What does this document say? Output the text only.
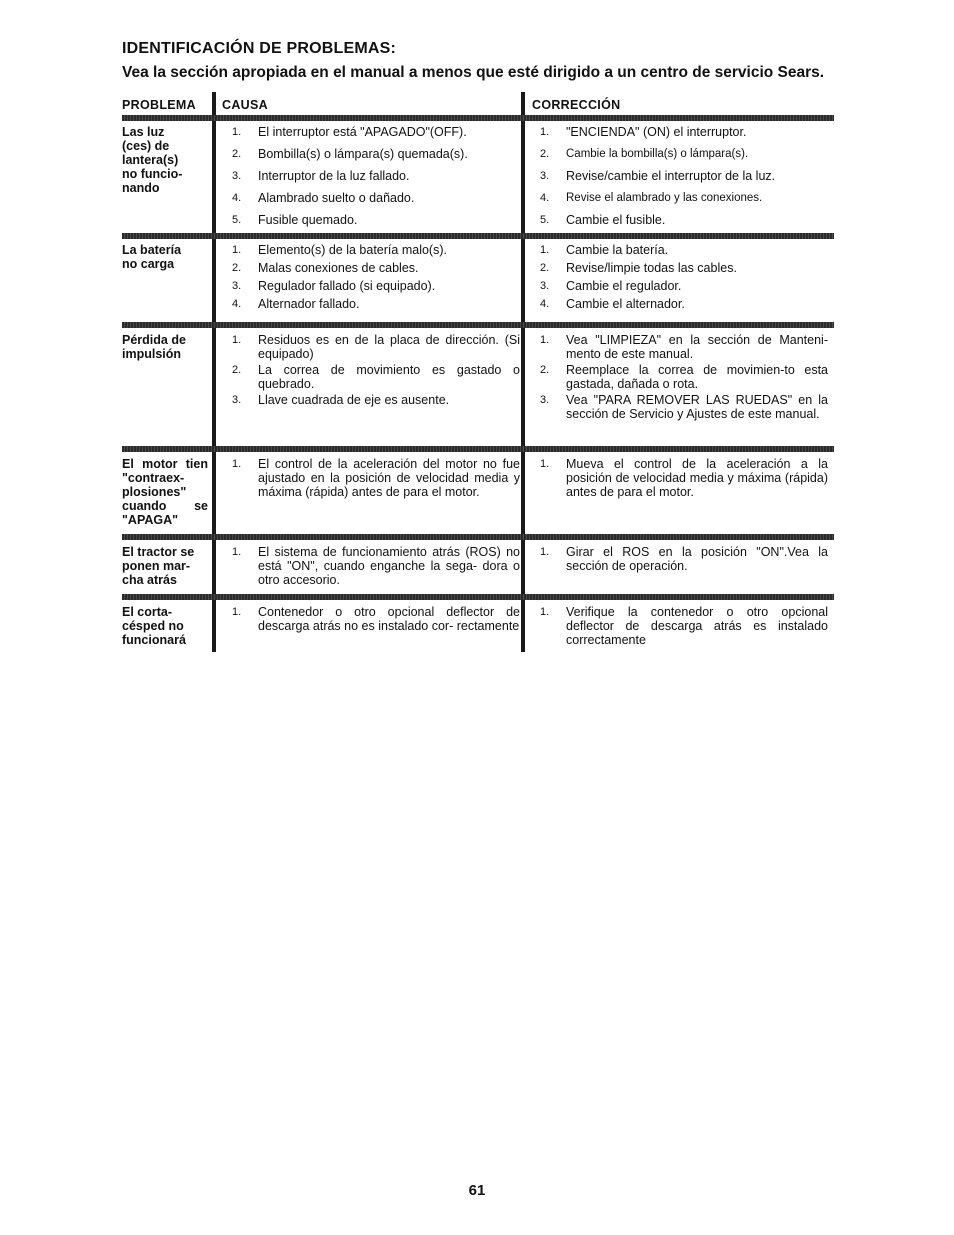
IDENTIFICACIÓN DE PROBLEMAS:
Vea la sección apropiada en el manual a menos que esté dirigido a un centro de servicio Sears.
PROBLEMA CAUSA	CORRECCIÓN
Las luz
(ces) de
lantera(s)
no funcio-
nando
1. El interruptor está "APAGADO"(OFF).
2. Bombilla(s) o lámpara(s) quemada(s).
3. Interruptor de la luz fallado.
4. Alambrado suelto o dañado.
5. Fusible quemado.
1. "ENCIENDA" (ON) el interruptor.
2. Cambie la bombilla(s) o lámpara(s).
3. Revise/cambie el interruptor de la luz.
4. Revise el alambrado y las conexiones.
5. Cambie el fusible.
La batería
no carga
1. Elemento(s) de la batería malo(s).
2. Malas conexiones de cables.
3. Regulador fallado (si equipado).
4. Alternador fallado.
1. Cambie la batería.
2. Revise/limpie todas las cables.
3. Cambie el regulador.
4. Cambie el alternador.
Pérdida de
impulsión
1. Residuos es en de la placa de dirección. (Si equipado)
2. La correa de movimiento es gastado o quebrado.
3. Llave cuadrada de eje es ausente.
1. Vea "LIMPIEZA" en la sección de Manteni- mento de este manual.
2. Reemplace la correa de movimien-to esta gastada, dañada o rota.
3. Vea "PARA REMOVER LAS RUEDAS" en la sección de Servicio y Ajustes de este manual.
El motor tien
"contraex-
plosiones"
cuando se
"APAGA"
1. El control de la aceleración del motor no fue ajustado en la posición de velocidad media y máxima (rápida) antes de para el motor.
1. Mueva el control de la aceleración a la posición de velocidad media y máxima (rápida) antes de para el motor.
El tractor se
ponen mar-
cha atrás
1. El sistema de funcionamiento atrás (ROS) no está "ON", cuando enganche la sega- dora o otro accesorio.
1. Girar el ROS en la posición "ON".Vea la sección de operación.
El corta-
césped no
funcionará
1. Contenedor o otro opcional deflector de descarga atrás no es instalado cor- rectamente
1. Verifique la contenedor o otro opcional deflector de descarga atrás es instalado correctamente
61
